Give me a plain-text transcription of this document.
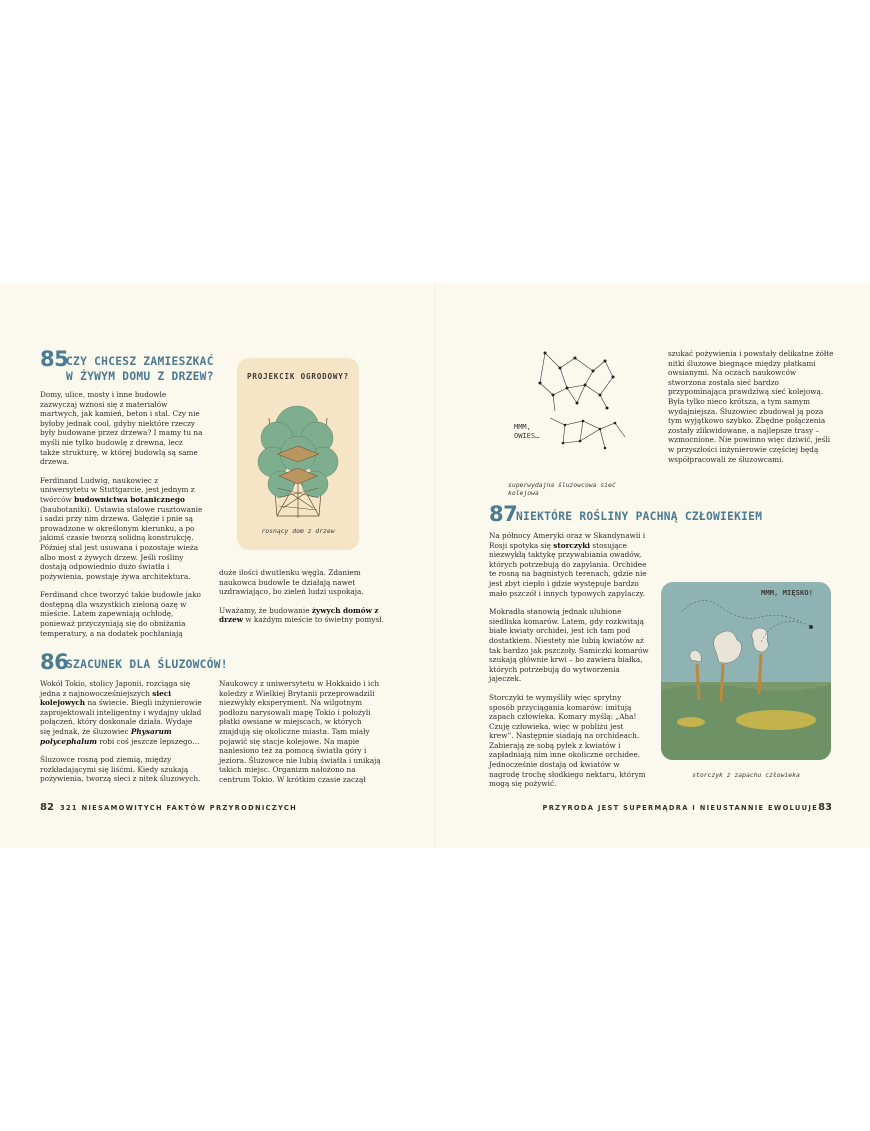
85
CZY CHCESZ ZAMIESZKAĆ
W ŻYWYM DOMU Z DRZEW?

Domy, ulice, mosty i inne budowle zazwyczaj wznosi się z materiałów martwych, jak kamień, beton i stal. Czy nie byłoby jednak cool, gdyby niektóre rzeczy były budowane przez drzewa? I mamy tu na myśli nie tylko budowlę z drewna, lecz także strukturę, w której budowlą są same drzewa.

Ferdinand Ludwig, naukowiec z uniwersytetu w Stuttgarcie, jest jednym z twórców budownictwa botanicznego (baubotaniki). Ustawia stalowe rusztowanie i sadzi przy nim drzewa. Gałęzie i pnie są prowadzone w określonym kierunku, a po jakimś czasie tworzą solidną konstrukcję. Później stal jest usuwana i pozostaje wieża albo most z żywych drzew. Jeśli rośliny dostają odpowiednio dużo światła i pożywienia, powstaje żywa architektura.

Ferdinand chce tworzyć takie budowle jako dostępną dla wszystkich zieloną oazę w mieście. Latem zapewniają ochłodę, ponieważ przyczyniają się do obniżania temperatury, a na dodatek pochłaniają

duże ilości dwutlenku węgla. Zdaniem naukowca budowle te działają nawet uzdrawiająco, bo zieleń ludzi uspokaja.

Uważamy, że budowanie żywych domów z drzew w każdym mieście to świetny pomysł.

PROJEKCIK OGRODOWY?
rosnący dom z drzew
86
SZACUNEK DLA ŚLUZOWCÓW!

Wokół Tokio, stolicy Japonii, rozciąga się jedna z najnowocześniejszych sieci kolejowych na świecie. Biegli inżynierowie zaprojektowali inteligentny i wydajny układ połączeń, który doskonale działa. Wydaje się jednak, że śluzowiec Physarum polycephalum robi coś jeszcze lepszego…

Śluzowce rosną pod ziemią, między rozkładającymi się liśćmi. Kiedy szukają pożywienia, tworzą sieci z nitek śluzowych.

Naukowcy z uniwersytetu w Hokkaido i ich koledzy z Wielkiej Brytanii przeprowadzili niezwykły eksperyment. Na wilgotnym podłożu narysowali mapę Tokio i położyli płatki owsiane w miejscach, w których znajdują się okoliczne miasta. Tam miały pojawić się stacje kolejowe. Na mapie naniesiono też za pomocą światła góry i jeziora. Śluzowce nie lubią światła i unikają takich miejsc. Organizm nałożono na centrum Tokio. W krótkim czasie zaczął

MMM, OWIES…
superwydajna śluzowcowa sieć kolejowa

szukać pożywienia i powstały delikatne żółte nitki śluzowe biegnące między płatkami owsianymi. Na oczach naukowców stworzona została sieć bardzo przypominająca prawdziwą sieć kolejową. Była tylko nieco krótsza, a tym samym wydajniejsza. Śluzowiec zbudował ją poza tym wyjątkowo szybko. Zbędne połączenia zostały zlikwidowane, a najlepsze trasy – wzmocnione. Nie powinno więc dziwić, jeśli w przyszłości inżynierowie częściej będą współpracowali ze śluzowcami.

87
NIEKTÓRE ROŚLINY PACHNĄ CZŁOWIEKIEM

Na północy Ameryki oraz w Skandynawii i Rosji spotyka się storczyki stosujące niezwykłą taktykę przywabiania owadów, których potrzebują do zapylania. Orchidee te rosną na bagnistych terenach, gdzie nie jest zbyt ciepło i gdzie występuje bardzo mało pszczół i innych typowych zapylaczy.

Mokradła stanowią jednak ulubione siedliska komarów. Latem, gdy rozkwitają białe kwiaty orchidei, jest ich tam pod dostatkiem. Niestety nie lubią kwiatów aż tak bardzo jak pszczoły. Samiczki komarów szukają głównie krwi – bo zawiera białka, których potrzebują do wytworzenia jajeczek.

Storczyki te wymyśliły więc sprytny sposób przyciągania komarów: imitują zapach człowieka. Komary myślą: „Aha! Czuję człowieka, więc w pobliżu jest krew”. Następnie siadają na orchideach. Zabierają ze sobą pyłek z kwiatów i zapładniają nim inne okoliczne orchidee. Jednocześnie dostają od kwiatów w nagrodę trochę słodkiego nektaru, którym mogą się pożywić.

MMM, MIĘSKO!
storczyk z zapachu człowieka
82 321 NIESAMOWITYCH FAKTÓW PRZYRODNICZYCH	PRZYRODA JEST SUPERMĄDRA I NIEUSTANNIE EWOLUUJE 83
